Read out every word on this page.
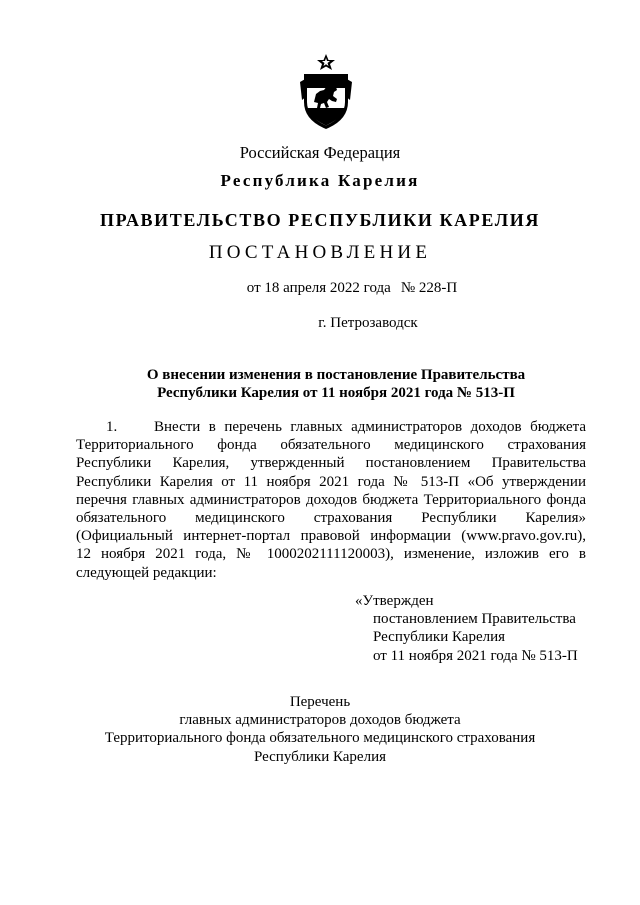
Российская Федерация
Республика Карелия
ПРАВИТЕЛЬСТВО РЕСПУБЛИКИ КАРЕЛИЯ
ПОСТАНОВЛЕНИЕ
от 18 апреля 2022 года № 228-П
г. Петрозаводск
О внесении изменения в постановление Правительства
Республики Карелия от 11 ноября 2021 года № 513-П
1. Внести в перечень главных администраторов доходов бюджета
Территориального фонда обязательного медицинского страхования
Республики Карелия, утвержденный постановлением Правительства
Республики Карелия от 11 ноября 2021 года № 513-П «Об утверждении
перечня главных администраторов доходов бюджета Территориального фонда
обязательного медицинского страхования Республики Карелия»
(Официальный интернет-портал правовой информации (www.pravo.gov.ru),
12 ноября 2021 года, № 1000202111120003), изменение, изложив его в
следующей редакции:
«Утвержден
постановлением Правительства
Республики Карелия
от 11 ноября 2021 года № 513-П
Перечень
главных администраторов доходов бюджета
Территориального фонда обязательного медицинского страхования
Республики Карелия
